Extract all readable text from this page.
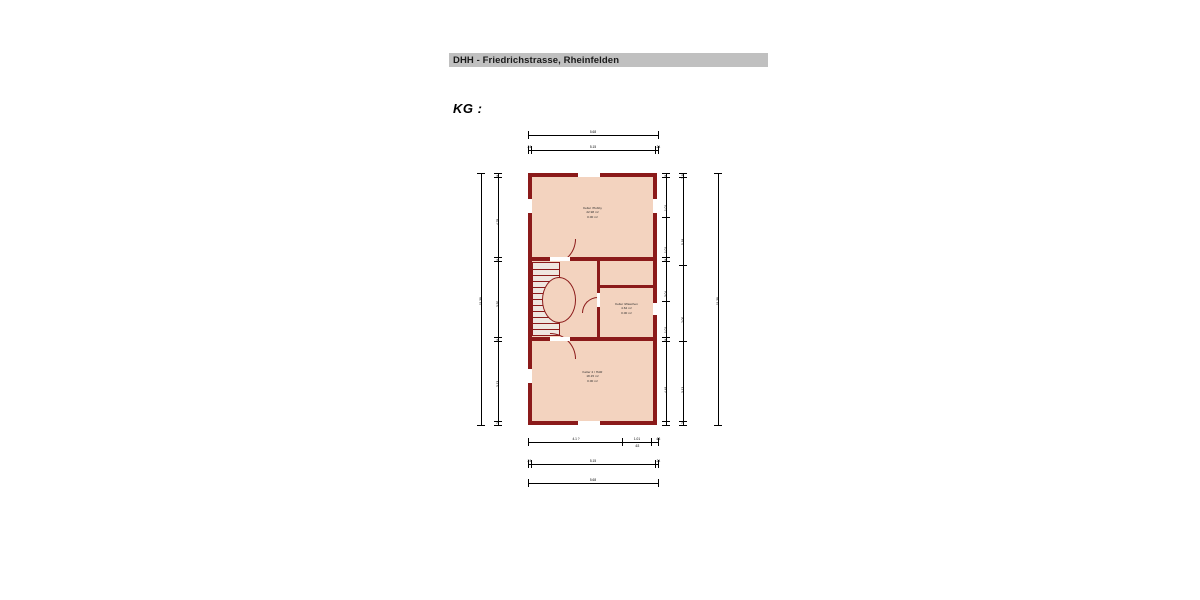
DHH - Friedrichstrasse, Rheinfelden
KG :
5.68
.24	5.15	.24
11.38
.24
4.78
.24
3.50
.24
3.13
.24
.24
1.01
1.01
.24
3.04
1.01
.24
4.48
2.18
5.18
2.00
3.13
.24
11.38
4.1 ?	1.01
.63
.63
.24	5.15	.24
5.68
Keller /Hobby
22.98 m²
0.00 m²
Keller /Waschen
4.62 m²
0.00 m²
Keller 2 / HAR
18.15 m²
0.00 m²
